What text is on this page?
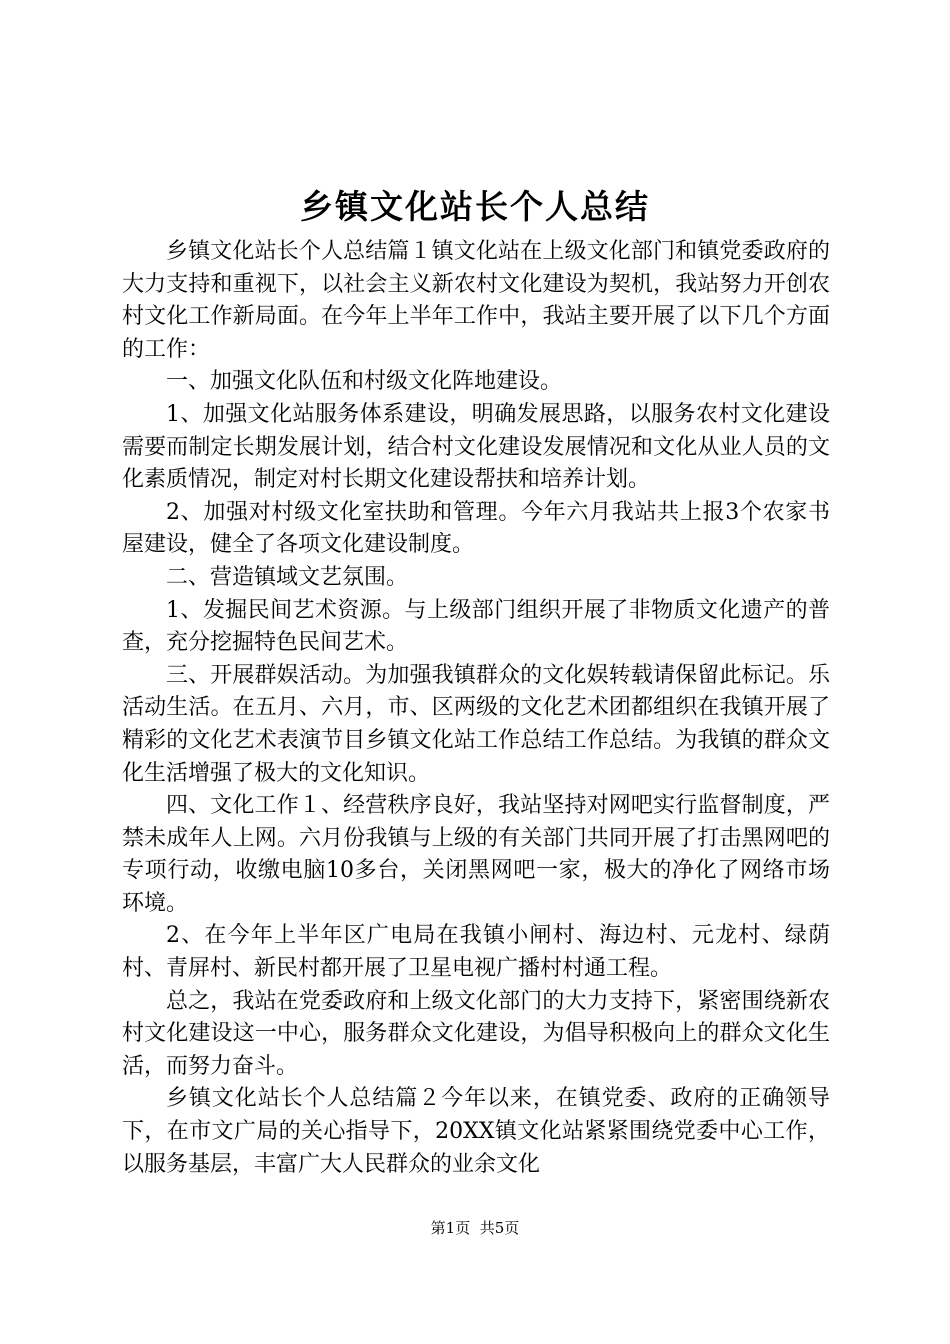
乡镇文化站长个人总结

乡镇文化站长个人总结篇１镇文化站在上级文化部门和镇党委政府的大力支持和重视下，以社会主义新农村文化建设为契机，我站努力开创农村文化工作新局面。在今年上半年工作中，我站主要开展了以下几个方面的工作：

一、加强文化队伍和村级文化阵地建设。

1、加强文化站服务体系建设，明确发展思路，以服务农村文化建设需要而制定长期发展计划，结合村文化建设发展情况和文化从业人员的文化素质情况，制定对村长期文化建设帮扶和培养计划。

2、加强对村级文化室扶助和管理。今年六月我站共上报3个农家书屋建设，健全了各项文化建设制度。

二、营造镇域文艺氛围。

1、发掘民间艺术资源。与上级部门组织开展了非物质文化遗产的普查，充分挖掘特色民间艺术。

三、开展群娱活动。为加强我镇群众的文化娱转载请保留此标记。乐活动生活。在五月、六月，市、区两级的文化艺术团都组织在我镇开展了精彩的文化艺术表演节目乡镇文化站工作总结工作总结。为我镇的群众文化生活增强了极大的文化知识。

四、文化工作１、经营秩序良好，我站坚持对网吧实行监督制度，严禁未成年人上网。六月份我镇与上级的有关部门共同开展了打击黑网吧的专项行动，收缴电脑10多台，关闭黑网吧一家，极大的净化了网络市场环境。

2、在今年上半年区广电局在我镇小闸村、海边村、元龙村、绿荫村、青屏村、新民村都开展了卫星电视广播村村通工程。

总之，我站在党委政府和上级文化部门的大力支持下，紧密围绕新农村文化建设这一中心，服务群众文化建设，为倡导积极向上的群众文化生活，而努力奋斗。

乡镇文化站长个人总结篇２今年以来，在镇党委、政府的正确领导下，在市文广局的关心指导下，20XX镇文化站紧紧围绕党委中心工作，以服务基层，丰富广大人民群众的业余文化

第1页 共5页
